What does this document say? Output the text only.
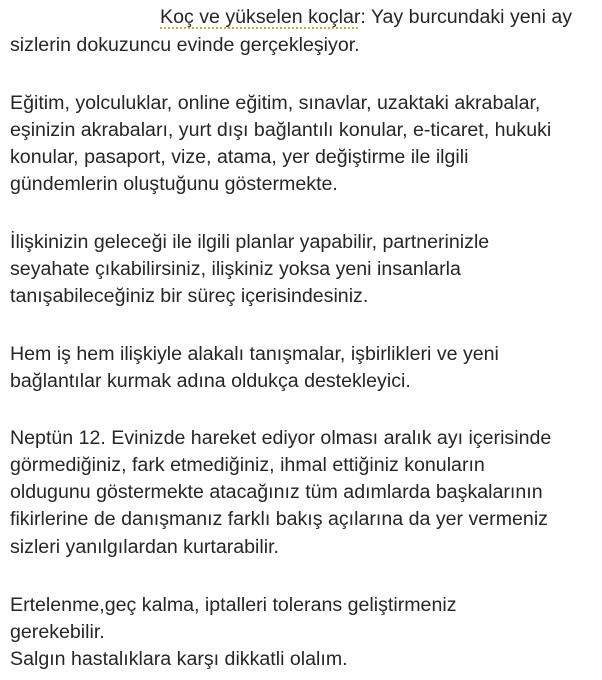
Koç ve yükselen koçlar: Yay burcundaki yeni ay
sizlerin dokuzuncu evinde gerçekleşiyor.
Eğitim, yolculuklar, online eğitim, sınavlar, uzaktaki akrabalar,
eşinizin akrabaları, yurt dışı bağlantılı konular, e-ticaret, hukuki
konular, pasaport, vize, atama, yer değiştirme ile ilgili
gündemlerin oluştuğunu göstermekte.
İlişkinizin geleceği ile ilgili planlar yapabilir, partnerinizle
seyahate çıkabilirsiniz, ilişkiniz yoksa yeni insanlarla
tanışabileceğiniz bir süreç içerisindesiniz.
Hem iş hem ilişkiyle alakalı tanışmalar, işbirlikleri ve yeni
bağlantılar kurmak adına oldukça destekleyici.
Neptün 12. Evinizde hareket ediyor olması aralık ayı içerisinde
görmediğiniz, fark etmediğiniz, ihmal ettiğiniz konuların
oldugunu göstermekte atacağınız tüm adımlarda başkalarının
fikirlerine de danışmanız farklı bakış açılarına da yer vermeniz
sizleri yanılgılardan kurtarabilir.
Ertelenme,geç kalma, iptalleri tolerans geliştirmeniz
gerekebilir.
Salgın hastalıklara karşı dikkatli olalım.
